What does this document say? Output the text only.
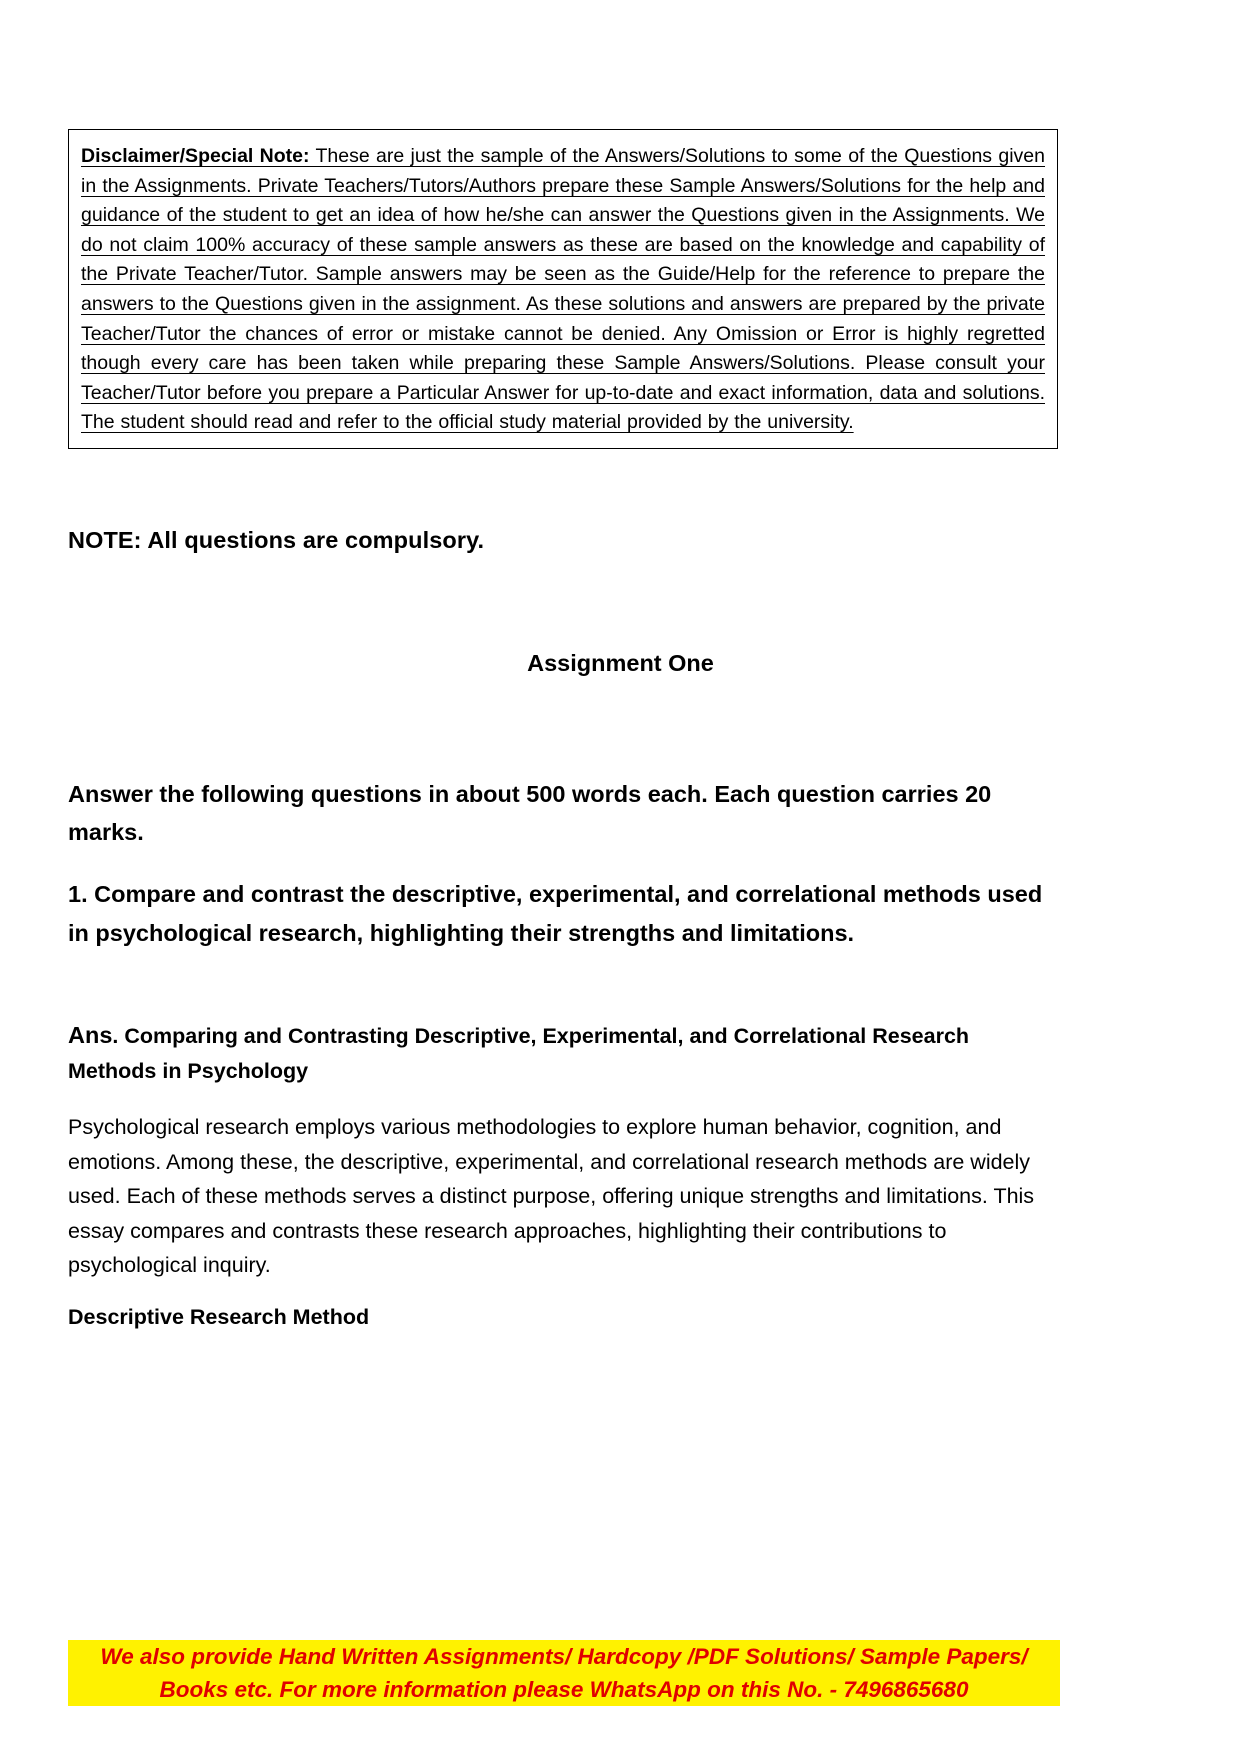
Disclaimer/Special Note: These are just the sample of the Answers/Solutions to some of the Questions given in the Assignments. Private Teachers/Tutors/Authors prepare these Sample Answers/Solutions for the help and guidance of the student to get an idea of how he/she can answer the Questions given in the Assignments. We do not claim 100% accuracy of these sample answers as these are based on the knowledge and capability of the Private Teacher/Tutor. Sample answers may be seen as the Guide/Help for the reference to prepare the answers to the Questions given in the assignment. As these solutions and answers are prepared by the private Teacher/Tutor the chances of error or mistake cannot be denied. Any Omission or Error is highly regretted though every care has been taken while preparing these Sample Answers/Solutions. Please consult your Teacher/Tutor before you prepare a Particular Answer for up-to-date and exact information, data and solutions. The student should read and refer to the official study material provided by the university.
NOTE: All questions are compulsory.
Assignment One
Answer the following questions in about 500 words each. Each question carries 20 marks.
1. Compare and contrast the descriptive, experimental, and correlational methods used in psychological research, highlighting their strengths and limitations.
Ans. Comparing and Contrasting Descriptive, Experimental, and Correlational Research Methods in Psychology
Psychological research employs various methodologies to explore human behavior, cognition, and emotions. Among these, the descriptive, experimental, and correlational research methods are widely used. Each of these methods serves a distinct purpose, offering unique strengths and limitations. This essay compares and contrasts these research approaches, highlighting their contributions to psychological inquiry.
Descriptive Research Method
We also provide Hand Written Assignments/ Hardcopy /PDF Solutions/ Sample Papers/
Books etc. For more information please WhatsApp on this No. - 7496865680
